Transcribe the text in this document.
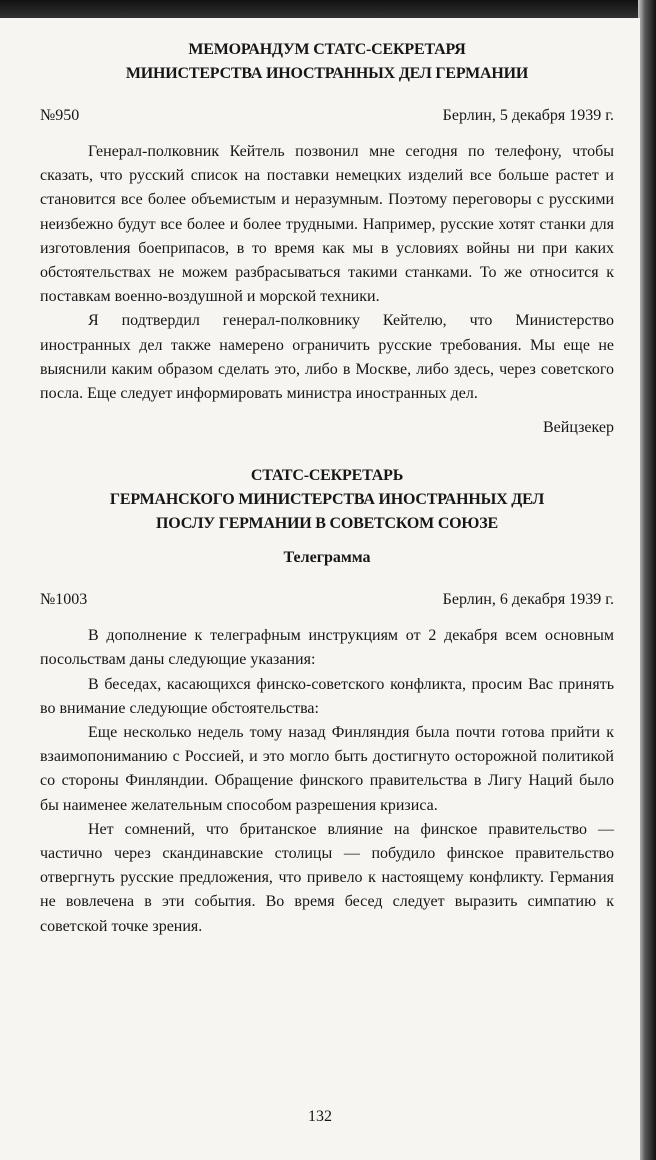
МЕМОРАНДУМ СТАТС-СЕКРЕТАРЯ
МИНИСТЕРСТВА ИНОСТРАННЫХ ДЕЛ ГЕРМАНИИ
№950	Берлин, 5 декабря 1939 г.

Генерал-полковник Кейтель позвонил мне сегодня по телефону, чтобы сказать, что русский список на поставки немецких изделий все больше растет и становится все более объемистым и неразумным. Поэтому переговоры с русскими неизбежно будут все более и более трудными. Например, русские хотят станки для изготовления боеприпасов, в то время как мы в условиях войны ни при каких обстоятельствах не можем разбрасываться такими станками. То же относится к поставкам военно-воздушной и морской техники.

Я подтвердил генерал-полковнику Кейтелю, что Министерство иностранных дел также намерено ограничить русские требования. Мы еще не выяснили каким образом сделать это, либо в Москве, либо здесь, через советского посла. Еще следует информировать министра иностранных дел.

Вейцзекер
СТАТС-СЕКРЕТАРЬ
ГЕРМАНСКОГО МИНИСТЕРСТВА ИНОСТРАННЫХ ДЕЛ
ПОСЛУ ГЕРМАНИИ В СОВЕТСКОМ СОЮЗЕ
Телеграмма
№1003	Берлин, 6 декабря 1939 г.

В дополнение к телеграфным инструкциям от 2 декабря всем основным посольствам даны следующие указания:

В беседах, касающихся финско-советского конфликта, просим Вас принять во внимание следующие обстоятельства:

Еще несколько недель тому назад Финляндия была почти готова прийти к взаимопониманию с Россией, и это могло быть достигнуто осторожной политикой со стороны Финляндии. Обращение финского правительства в Лигу Наций было бы наименее желательным способом разрешения кризиса.

Нет сомнений, что британское влияние на финское правительство — частично через скандинавские столицы — побудило финское правительство отвергнуть русские предложения, что привело к настоящему конфликту. Германия не вовлечена в эти события. Во время бесед следует выразить симпатию к советской точке зрения.

132
